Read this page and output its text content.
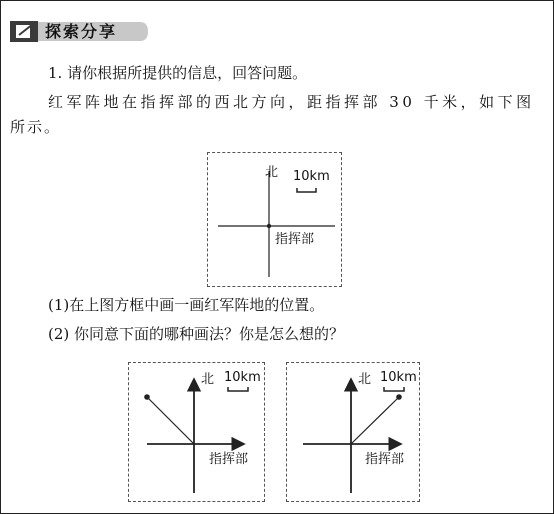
探索分享
1. 请你根据所提供的信息，回答问题。
红军阵地在指挥部的西北方向，距指挥部 30 千米，如下图
所示。
北 10km
指挥部
(1)在上图方框中画一画红军阵地的位置。
(2) 你同意下面的哪种画法？你是怎么想的？
北 10km
指挥部
北 10km
指挥部
